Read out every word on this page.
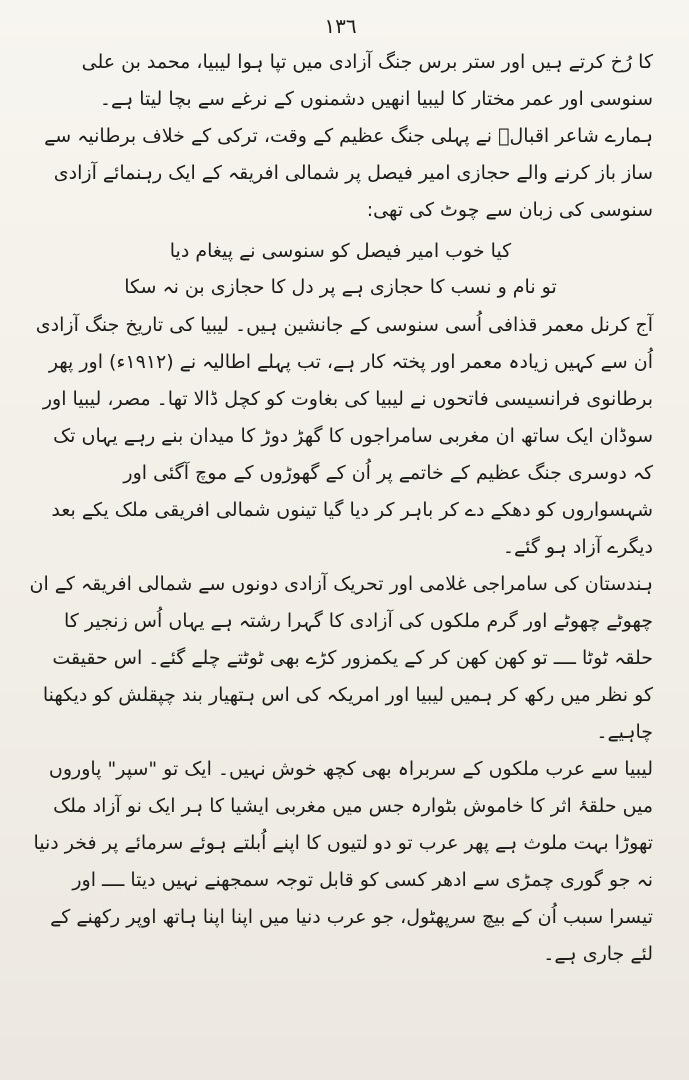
١٣٦

کا رُخ کرتے ہیں اور ستر برس جنگ آزادی میں تپا ہوا لیبیا، محمد بن علی سنوسی اور عمر مختار کا لیبیا انھیں دشمنوں کے نرغے سے بچا لیتا ہے۔

ہمارے شاعر اقبالؔ نے پہلی جنگ عظیم کے وقت، ترکی کے خلاف برطانیہ سے ساز باز کرنے والے حجازی امیر فیصل پر شمالی افریقہ کے ایک رہنمائے آزادی سنوسی کی زبان سے چوٹ کی تھی:

کیا خوب امیر فیصل کو سنوسی نے پیغام دیا
تو نام و نسب کا حجازی ہے پر دل کا حجازی بن نہ سکا

آج کرنل معمر قذافی اُسی سنوسی کے جانشین ہیں۔ لیبیا کی تاریخ جنگ آزادی اُن سے کہیں زیادہ معمر اور پختہ کار ہے، تب پہلے اطالیہ نے (١٩١٢ء) اور پھر برطانوی فرانسیسی فاتحوں نے لیبیا کی بغاوت کو کچل ڈالا تھا۔ مصر، لیبیا اور سوڈان ایک ساتھ ان مغربی سامراجوں کا گھڑ دوڑ کا میدان بنے رہے یہاں تک کہ دوسری جنگ عظیم کے خاتمے پر اُن کے گھوڑوں کے موچ آگئی اور شہسواروں کو دھکے دے کر باہر کر دیا گیا تینوں شمالی افریقی ملک یکے بعد دیگرے آزاد ہو گئے۔

ہندستان کی سامراجی غلامی اور تحریک آزادی دونوں سے شمالی افریقہ کے ان چھوٹے چھوٹے اور گرم ملکوں کی آزادی کا گہرا رشتہ ہے یہاں اُس زنجیر کا حلقہ ٹوٹا ــــ تو کھن کھن کر کے یکمزور کڑے بھی ٹوٹتے چلے گئے۔ اس حقیقت کو نظر میں رکھ کر ہمیں لیبیا اور امریکہ کی اس ہتھیار بند چپقلش کو دیکھنا چاہیے۔

لیبیا سے عرب ملکوں کے سربراہ بھی کچھ خوش نہیں۔ ایک تو "سپر" پاوروں میں حلقۂ اثر کا خاموش بٹوارہ جس میں مغربی ایشیا کا ہر ایک نو آزاد ملک تھوڑا بہت ملوث ہے پھر عرب تو دو لتیوں کا اپنے اُبلتے ہوئے سرمائے پر فخر دنیا نہ جو گوری چمڑی سے ادھر کسی کو قابل توجہ سمجھنے نہیں دیتا ــــ اور تیسرا سبب اُن کے بیچ سرپھٹول، جو عرب دنیا میں اپنا اپنا ہاتھ اوپر رکھنے کے لئے جاری ہے۔
